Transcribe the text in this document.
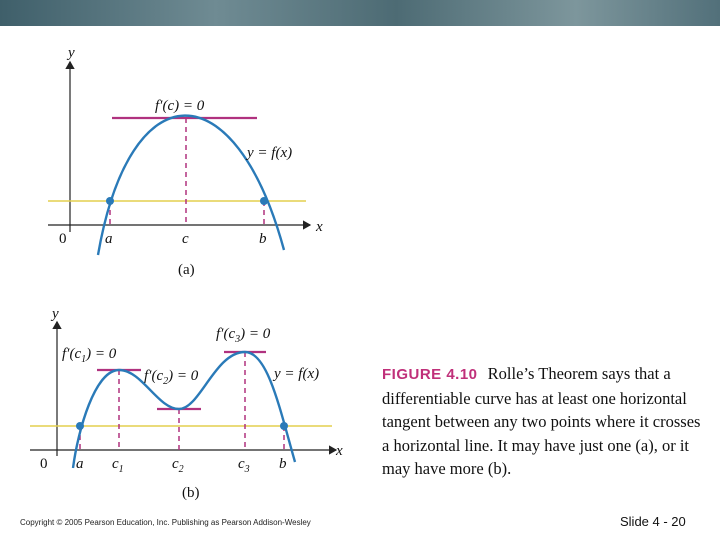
y
x
0	a	c	b
f′(c) = 0
y = f(x)
(a)
y
x
0 a $c_1$	$c_2$	$c_3$ b
$f'(c_1) = 0$
$f'(c_2) = 0$
$f'(c_3) = 0$
y = f(x)
(b)
FIGURE 4.10 Rolle’s Theorem says that a differentiable curve has at least one horizontal tangent between any two points where it crosses a horizontal line. It may have just one (a), or it may have more (b).
Copyright © 2005 Pearson Education, Inc. Publishing as Pearson Addison-Wesley	Slide 4 - 20
